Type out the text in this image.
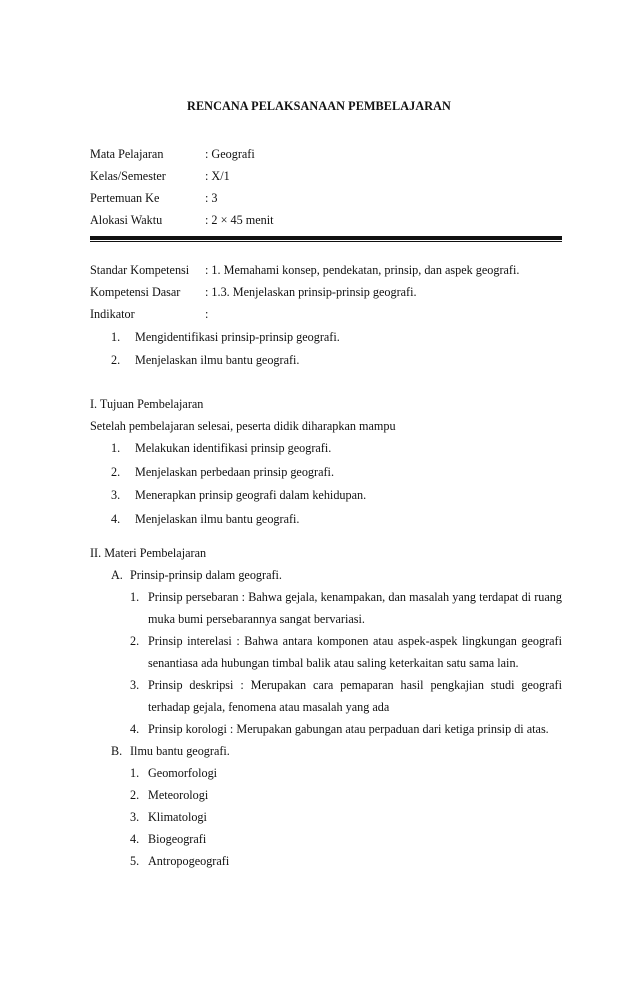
RENCANA PELAKSANAAN PEMBELAJARAN
Mata Pelajaran	: Geografi
Kelas/Semester	: X/1
Pertemuan Ke	: 3
Alokasi Waktu	: 2 × 45 menit
Standar Kompetensi	: 1. Memahami konsep, pendekatan, prinsip, dan aspek geografi.
Kompetensi Dasar	: 1.3. Menjelaskan prinsip-prinsip geografi.
Indikator	:
1.	Mengidentifikasi prinsip-prinsip geografi.
2.	Menjelaskan ilmu bantu geografi.
I. Tujuan Pembelajaran
Setelah pembelajaran selesai, peserta didik diharapkan mampu
1.	Melakukan identifikasi prinsip geografi.
2.	Menjelaskan perbedaan prinsip geografi.
3.	Menerapkan prinsip geografi dalam kehidupan.
4.	Menjelaskan ilmu bantu geografi.
II. Materi Pembelajaran
A. Prinsip-prinsip dalam geografi.
1. Prinsip persebaran : Bahwa gejala, kenampakan, dan masalah yang terdapat di ruang muka bumi persebarannya sangat bervariasi.
2. Prinsip interelasi : Bahwa antara komponen atau aspek-aspek lingkungan geografi senantiasa ada hubungan timbal balik atau saling keterkaitan satu sama lain.
3. Prinsip deskripsi : Merupakan cara pemaparan hasil pengkajian studi geografi terhadap gejala, fenomena atau masalah yang ada
4. Prinsip korologi : Merupakan gabungan atau perpaduan dari ketiga prinsip di atas.
B. Ilmu bantu geografi.
1. Geomorfologi
2. Meteorologi
3. Klimatologi
4. Biogeografi
5. Antropogeografi
